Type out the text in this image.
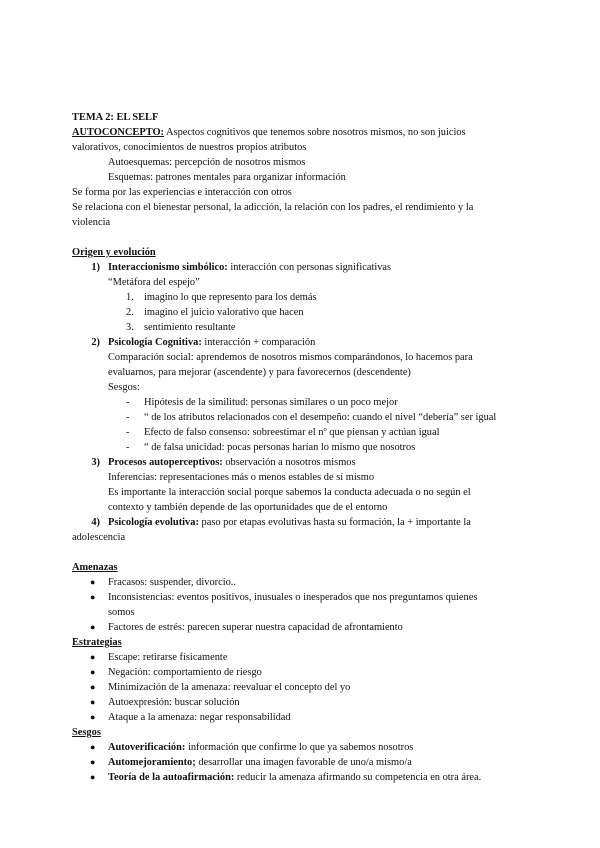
TEMA 2: EL SELF
AUTOCONCEPTO: Aspectos cognitivos que tenemos sobre nosotros mismos, no son juicios
valorativos, conocimientos de nuestros propios atributos
Autoesquemas: percepción de nosotros mismos
Esquemas: patrones mentales para organizar información
Se forma por las experiencias e interacción con otros
Se relaciona con el bienestar personal, la adicción, la relación con los padres, el rendimiento y la
violencia
Origen y evolución
1) Interaccionismo simbólico: interacción con personas significativas
“Metáfora del espejo”
1. imagino lo que represento para los demás
2. imagino el juicio valorativo que hacen
3. sentimiento resultante
2) Psicología Cognitiva: interacción + comparación
Comparación social: aprendemos de nosotros mismos comparándonos, lo hacemos para
evaluarnos, para mejorar (ascendente) y para favorecernos (descendente)
Sesgos:
-	Hipótesis de la similitud: personas similares o un poco mejor
-	“ de los atributos relacionados con el desempeño: cuando el nivel “debería” ser igual
-	Efecto de falso consenso: sobreestimar el nº que piensan y actúan igual
-	“ de falsa unicidad: pocas personas harían lo mismo que nosotros
3) Procesos autoperceptivos: observación a nosotros mismos
Inferencias: representaciones más o menos estables de sí mismo
Es importante la interacción social porque sabemos la conducta adecuada o no según el
contexto y también depende de las oportunidades que de el entorno
4) Psicología evolutiva: paso por etapas evolutivas hasta su formación, la + importante la
adolescencia
Amenazas
●	Fracasos: suspender, divorcio..
●	Inconsistencias: eventos positivos, inusuales o inesperados que nos preguntamos quienes
somos
●	Factores de estrés: parecen superar nuestra capacidad de afrontamiento
Estrategias
●	Escape: retirarse físicamente
●	Negación: comportamiento de riesgo
●	Minimización de la amenaza: reevaluar el concepto del yo
●	Autoexpresión: buscar solución
●	Ataque a la amenaza: negar responsabilidad
Sesgos
●	Autoverificación: información que confirme lo que ya sabemos nosotros
●	Automejoramiento; desarrollar una imagen favorable de uno/a mismo/a
●	Teoría de la autoafirmación: reducir la amenaza afirmando su competencia en otra área.
